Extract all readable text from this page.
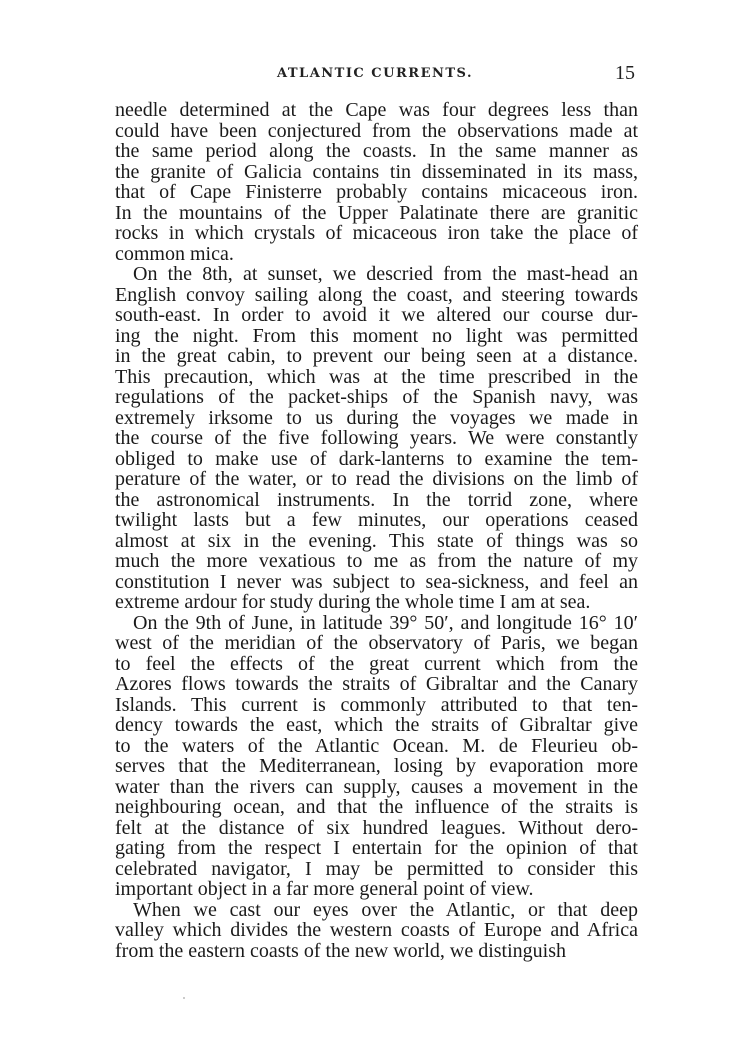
ATLANTIC CURRENTS.	15
needle determined at the Cape was four degrees less than
could have been conjectured from the observations made at
the same period along the coasts. In the same manner as
the granite of Galicia contains tin disseminated in its mass,
that of Cape Finisterre probably contains micaceous iron.
In the mountains of the Upper Palatinate there are granitic
rocks in which crystals of micaceous iron take the place of
common mica.
On the 8th, at sunset, we descried from the mast-head an
English convoy sailing along the coast, and steering towards
south-east. In order to avoid it we altered our course dur-
ing the night. From this moment no light was permitted
in the great cabin, to prevent our being seen at a distance.
This precaution, which was at the time prescribed in the
regulations of the packet-ships of the Spanish navy, was
extremely irksome to us during the voyages we made in
the course of the five following years. We were constantly
obliged to make use of dark-lanterns to examine the tem-
perature of the water, or to read the divisions on the limb of
the astronomical instruments. In the torrid zone, where
twilight lasts but a few minutes, our operations ceased
almost at six in the evening. This state of things was so
much the more vexatious to me as from the nature of my
constitution I never was subject to sea-sickness, and feel an
extreme ardour for study during the whole time I am at sea.
On the 9th of June, in latitude 39° 50′, and longitude 16° 10′
west of the meridian of the observatory of Paris, we began
to feel the effects of the great current which from the
Azores flows towards the straits of Gibraltar and the Canary
Islands. This current is commonly attributed to that ten-
dency towards the east, which the straits of Gibraltar give
to the waters of the Atlantic Ocean. M. de Fleurieu ob-
serves that the Mediterranean, losing by evaporation more
water than the rivers can supply, causes a movement in the
neighbouring ocean, and that the influence of the straits is
felt at the distance of six hundred leagues. Without dero-
gating from the respect I entertain for the opinion of that
celebrated navigator, I may be permitted to consider this
important object in a far more general point of view.
When we cast our eyes over the Atlantic, or that deep
valley which divides the western coasts of Europe and Africa
from the eastern coasts of the new world, we distinguish
